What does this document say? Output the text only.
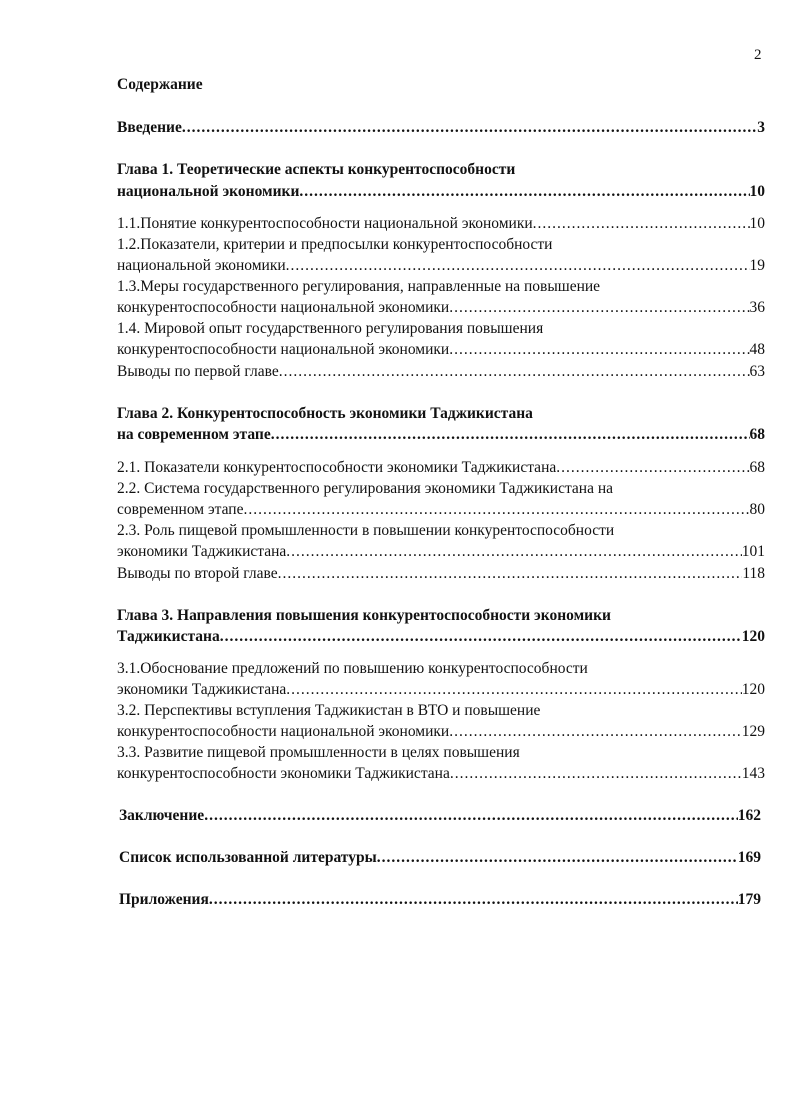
2
Содержание
Введение .....	3
Глава 1. Теоретические аспекты конкурентоспособности
национальной экономики .....	10
1.1.Понятие конкурентоспособности национальной экономики .....	10
1.2.Показатели, критерии и предпосылки конкурентоспособности
национальной экономики .....	19
1.3.Меры государственного регулирования, направленные на повышение
конкурентоспособности национальной экономики .....	36
1.4. Мировой опыт государственного регулирования повышения
конкурентоспособности национальной экономики .....	48
Выводы по первой главе .....	63
Глава 2. Конкурентоспособность экономики Таджикистана
на современном этапе .....	68
2.1. Показатели конкурентоспособности экономики Таджикистана .....	68
2.2. Система государственного регулирования экономики Таджикистана на
современном этапе .....	80
2.3. Роль пищевой промышленности в повышении конкурентоспособности
экономики Таджикистана .....	101
Выводы по второй главе .....	118
Глава 3. Направления повышения конкурентоспособности экономики
Таджикистана .....	120
3.1.Обоснование предложений по повышению конкурентоспособности
экономики Таджикистана .....	120
3.2. Перспективы вступления Таджикистан в ВТО и повышение
конкурентоспособности национальной экономики .....	129
3.3. Развитие пищевой промышленности в целях повышения
конкурентоспособности экономики Таджикистана .....	143
Заключение .....	162
Список использованной литературы .....	169
Приложения .....	179
